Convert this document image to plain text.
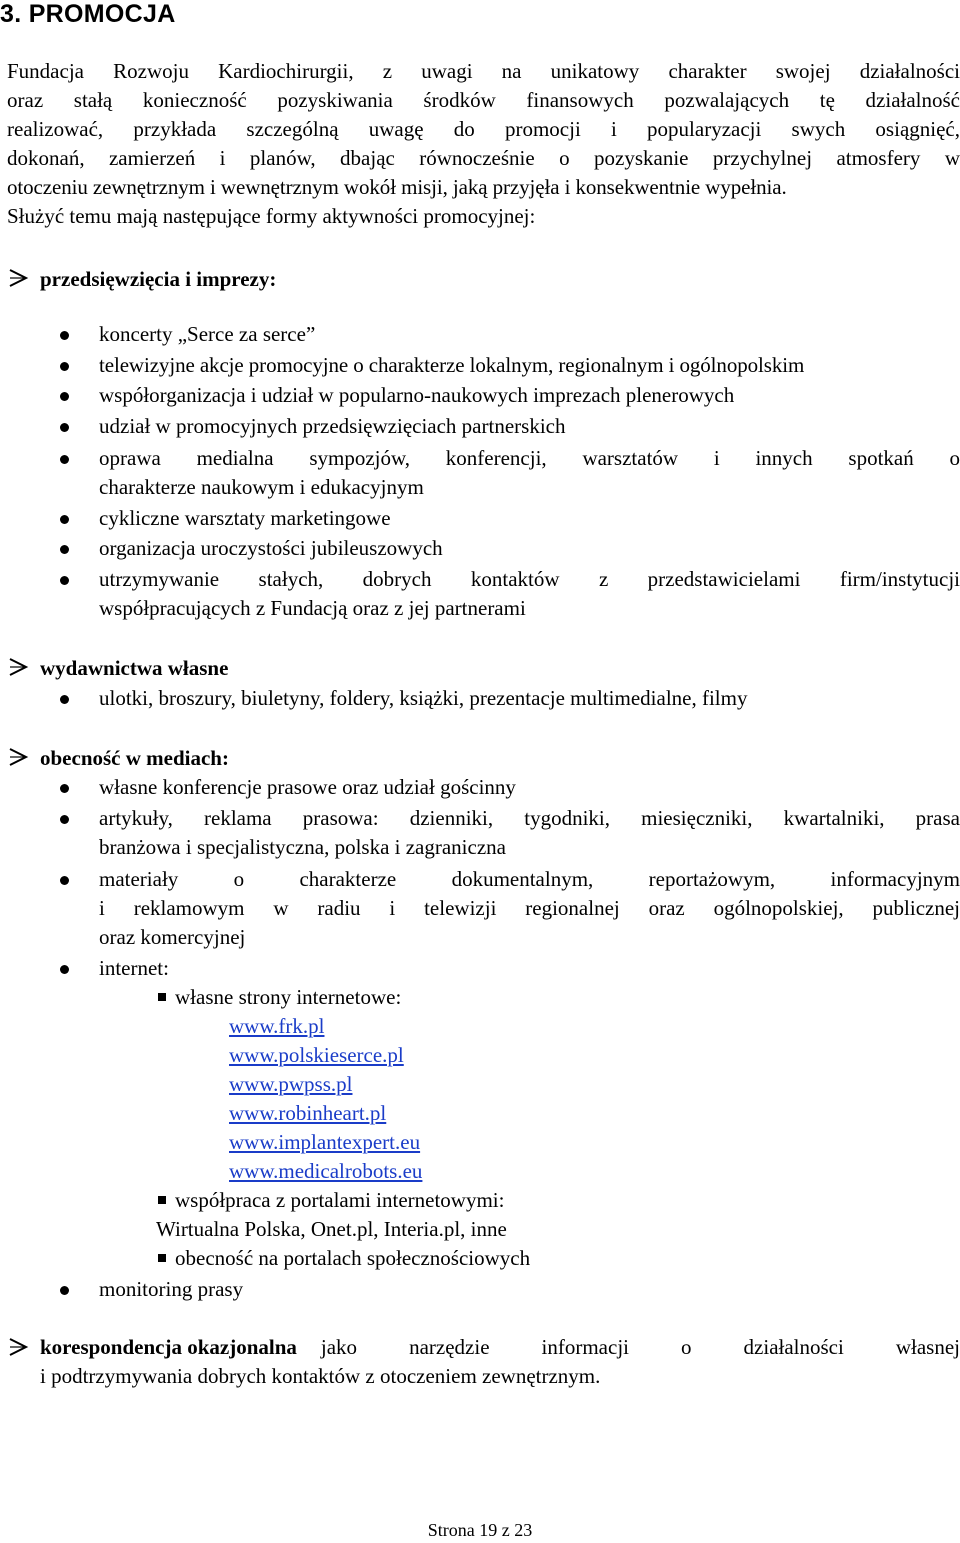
3. PROMOCJA
Fundacja Rozwoju Kardiochirurgii, z uwagi na unikatowy charakter swojej działalności
oraz stałą konieczność pozyskiwania środków finansowych pozwalających tę działalność
realizować, przykłada szczególną uwagę do promocji i popularyzacji swych osiągnięć,
dokonań, zamierzeń i planów, dbając równocześnie o pozyskanie przychylnej atmosfery w
otoczeniu zewnętrznym i wewnętrznym wokół misji, jaką przyjęła i konsekwentnie wypełnia.
Służyć temu mają następujące formy aktywności promocyjnej:
przedsięwzięcia i imprezy:
koncerty „Serce za serce”
telewizyjne akcje promocyjne o charakterze lokalnym, regionalnym i ogólnopolskim
współorganizacja i udział w popularno-naukowych imprezach plenerowych
udział w promocyjnych przedsięwzięciach partnerskich
oprawa medialna sympozjów, konferencji, warsztatów i innych spotkań o
charakterze naukowym i edukacyjnym
cykliczne warsztaty marketingowe
organizacja uroczystości jubileuszowych
utrzymywanie stałych, dobrych kontaktów z przedstawicielami firm/instytucji
współpracujących z Fundacją oraz z jej partnerami
wydawnictwa własne
ulotki, broszury, biuletyny, foldery, książki, prezentacje multimedialne, filmy
obecność w mediach:
własne konferencje prasowe oraz udział gościnny
artykuły, reklama prasowa: dzienniki, tygodniki, miesięczniki, kwartalniki, prasa
branżowa i specjalistyczna, polska i zagraniczna
materiały o charakterze dokumentalnym, reportażowym, informacyjnym
i reklamowym w radiu i telewizji regionalnej oraz ogólnopolskiej, publicznej
oraz komercyjnej
internet:
własne strony internetowe:
www.frk.pl
www.polskieserce.pl
www.pwpss.pl
www.robinheart.pl
www.implantexpert.eu
www.medicalrobots.eu
współpraca z portalami internetowymi:
Wirtualna Polska, Onet.pl, Interia.pl, inne
obecność na portalach społecznościowych
monitoring prasy
korespondencja okazjonalna jako narzędzie informacji o działalności własnej
i podtrzymywania dobrych kontaktów z otoczeniem zewnętrznym.
Strona 19 z 23
